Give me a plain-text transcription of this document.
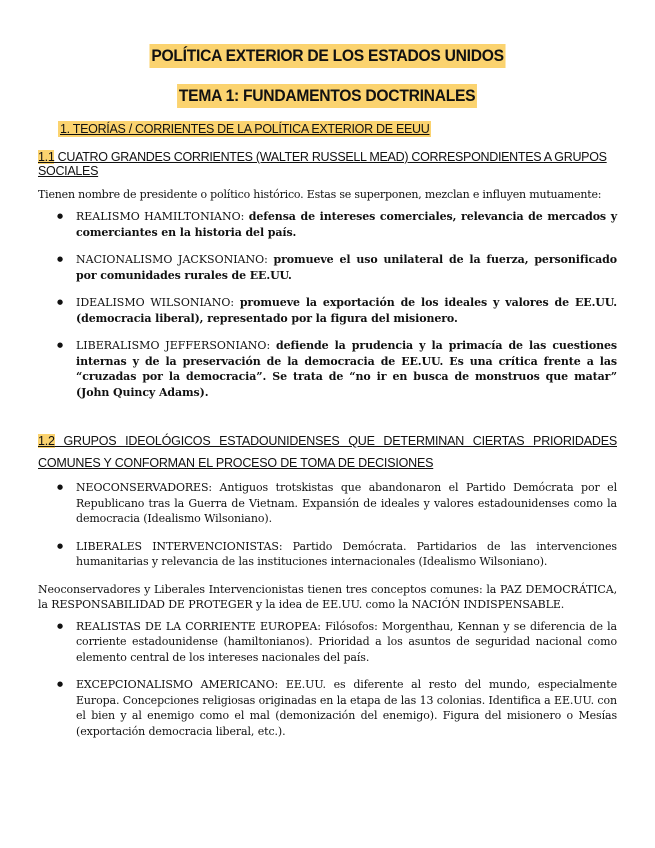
POLÍTICA EXTERIOR DE LOS ESTADOS UNIDOS
TEMA 1: FUNDAMENTOS DOCTRINALES
1. TEORÍAS / CORRIENTES DE LA POLÍTICA EXTERIOR DE EEUU
1.1 CUATRO GRANDES CORRIENTES (WALTER RUSSELL MEAD) CORRESPONDIENTES A GRUPOS SOCIALES
Tienen nombre de presidente o político histórico. Estas se superponen, mezclan e influyen mutuamente:
● REALISMO HAMILTONIANO: defensa de intereses comerciales, relevancia de mercados y comerciantes en la historia del país.
● NACIONALISMO JACKSONIANO: promueve el uso unilateral de la fuerza, personificado por comunidades rurales de EE.UU.
● IDEALISMO WILSONIANO: promueve la exportación de los ideales y valores de EE.UU. (democracia liberal), representado por la figura del misionero.
● LIBERALISMO JEFFERSONIANO: defiende la prudencia y la primacía de las cuestiones internas y de la preservación de la democracia de EE.UU. Es una crítica frente a las “cruzadas por la democracia”. Se trata de “no ir en busca de monstruos que matar” (John Quincy Adams).
1.2 GRUPOS IDEOLÓGICOS ESTADOUNIDENSES QUE DETERMINAN CIERTAS PRIORIDADES COMUNES Y CONFORMAN EL PROCESO DE TOMA DE DECISIONES
● NEOCONSERVADORES: Antiguos trotskistas que abandonaron el Partido Demócrata por el Republicano tras la Guerra de Vietnam. Expansión de ideales y valores estadounidenses como la democracia (Idealismo Wilsoniano).
● LIBERALES INTERVENCIONISTAS: Partido Demócrata. Partidarios de las intervenciones humanitarias y relevancia de las instituciones internacionales (Idealismo Wilsoniano).
Neoconservadores y Liberales Intervencionistas tienen tres conceptos comunes: la PAZ DEMOCRÁTICA, la RESPONSABILIDAD DE PROTEGER y la idea de EE.UU. como la NACIÓN INDISPENSABLE.
● REALISTAS DE LA CORRIENTE EUROPEA: Filósofos: Morgenthau, Kennan y se diferencia de la corriente estadounidense (hamiltonianos). Prioridad a los asuntos de seguridad nacional como elemento central de los intereses nacionales del país.
● EXCEPCIONALISMO AMERICANO: EE.UU. es diferente al resto del mundo, especialmente Europa. Concepciones religiosas originadas en la etapa de las 13 colonias. Identifica a EE.UU. con el bien y al enemigo como el mal (demonización del enemigo). Figura del misionero o Mesías (exportación democracia liberal, etc.).
